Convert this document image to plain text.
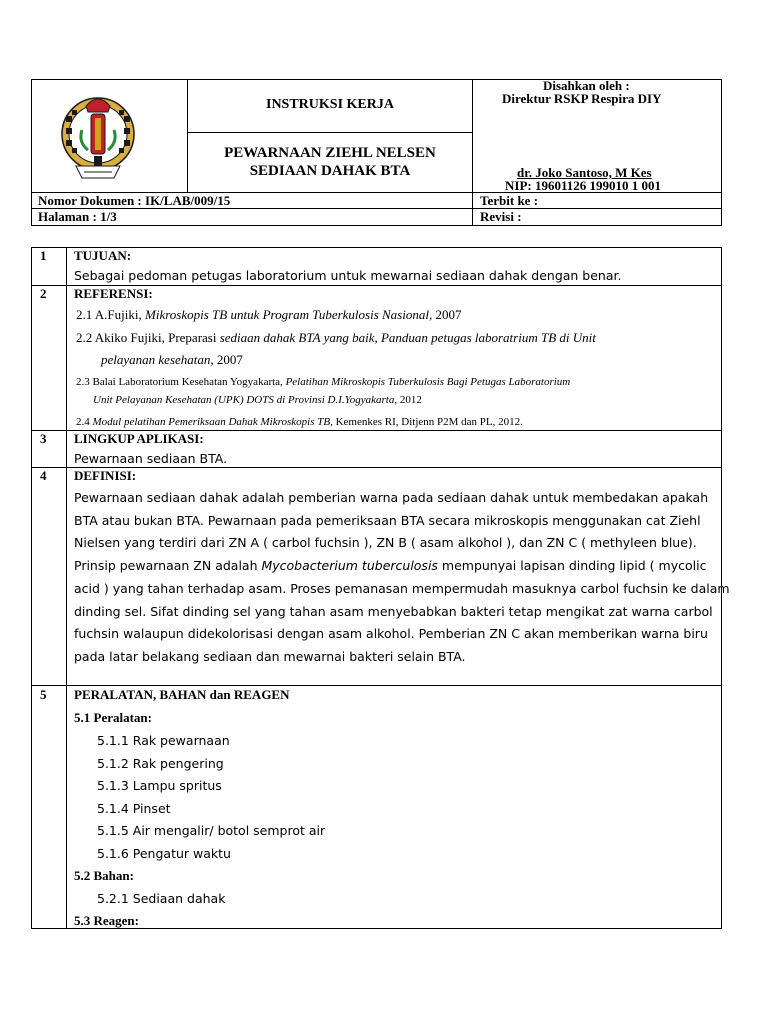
INSTRUKSI KERJA
PEWARNAAN ZIEHL NELSEN
SEDIAAN DAHAK BTA
Disahkan oleh :
Direktur RSKP Respira DIY
dr. Joko Santoso, M Kes
NIP: 19601126 199010 1 001
Nomor Dokumen : IK/LAB/009/15
Halaman : 1/3
Terbit ke :
Revisi :
1 TUJUAN:
Sebagai pedoman petugas laboratorium untuk mewarnai sediaan dahak dengan benar.
2 REFERENSI:
2.1 A.Fujiki, Mikroskopis TB untuk Program Tuberkulosis Nasional, 2007
2.2 Akiko Fujiki, Preparasi sediaan dahak BTA yang baik, Panduan petugas laboratrium TB di Unit
pelayanan kesehatan, 2007
2.3 Balai Laboratorium Kesehatan Yogyakarta, Pelatihan Mikroskopis Tuberkulosis Bagi Petugas Laboratorium
Unit Pelayanan Kesehatan (UPK) DOTS di Provinsi D.I.Yogyakarta, 2012
2.4 Modul pelatihan Pemeriksaan Dahak Mikroskopis TB, Kemenkes RI, Ditjenn P2M dan PL, 2012.
3 LINGKUP APLIKASI:
Pewarnaan sediaan BTA.
4 DEFINISI:
Pewarnaan sediaan dahak adalah pemberian warna pada sediaan dahak untuk membedakan apakah
BTA atau bukan BTA. Pewarnaan pada pemeriksaan BTA secara mikroskopis menggunakan cat Ziehl
Nielsen yang terdiri dari ZN A ( carbol fuchsin ), ZN B ( asam alkohol ), dan ZN C ( methyleen blue).
Prinsip pewarnaan ZN adalah Mycobacterium tuberculosis mempunyai lapisan dinding lipid ( mycolic
acid ) yang tahan terhadap asam. Proses pemanasan mempermudah masuknya carbol fuchsin ke dalam
dinding sel. Sifat dinding sel yang tahan asam menyebabkan bakteri tetap mengikat zat warna carbol
fuchsin walaupun didekolorisasi dengan asam alkohol. Pemberian ZN C akan memberikan warna biru
pada latar belakang sediaan dan mewarnai bakteri selain BTA.
5 PERALATAN, BAHAN dan REAGEN
5.1 Peralatan:
5.1.1 Rak pewarnaan
5.1.2 Rak pengering
5.1.3 Lampu spritus
5.1.4 Pinset
5.1.5 Air mengalir/ botol semprot air
5.1.6 Pengatur waktu
5.2 Bahan:
5.2.1 Sediaan dahak
5.3 Reagen:
